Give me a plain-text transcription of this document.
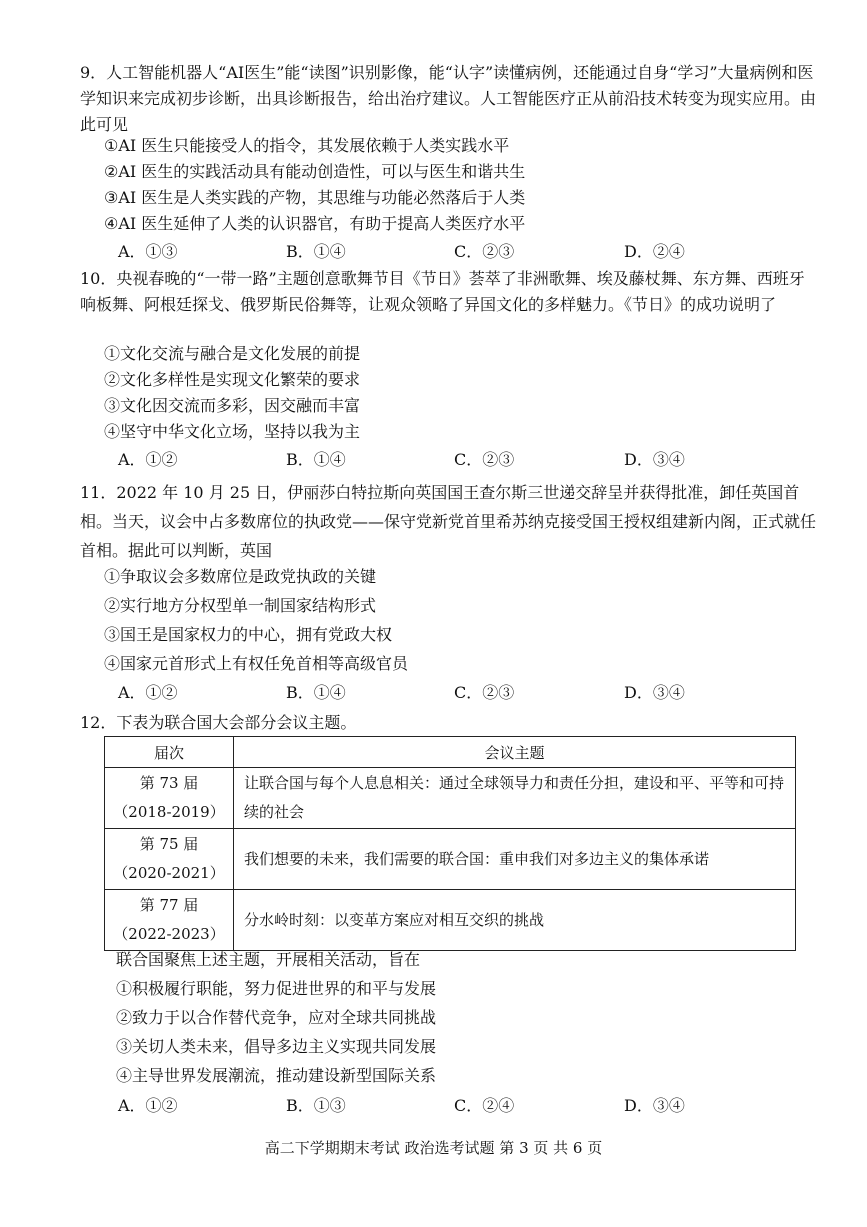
9．人工智能机器人“AI医生”能“读图”识别影像，能“认字”读懂病例，还能通过自身“学习”大量病例和医学知识来完成初步诊断，出具诊断报告，给出治疗建议。人工智能医疗正从前沿技术转变为现实应用。由此可见
①AI 医生只能接受人的指令，其发展依赖于人类实践水平
②AI 医生的实践活动具有能动创造性，可以与医生和谐共生
③AI 医生是人类实践的产物，其思维与功能必然落后于人类
④AI 医生延伸了人类的认识器官，有助于提高人类医疗水平
A．①③	B．①④	C．②③	D．②④
10．央视春晚的“一带一路”主题创意歌舞节目《节日》荟萃了非洲歌舞、埃及藤杖舞、东方舞、西班牙响板舞、阿根廷探戈、俄罗斯民俗舞等，让观众领略了异国文化的多样魅力。《节日》的成功说明了
①文化交流与融合是文化发展的前提
②文化多样性是实现文化繁荣的要求
③文化因交流而多彩，因交融而丰富
④坚守中华文化立场，坚持以我为主
A．①②	B．①④	C．②③	D．③④
11．2022 年 10 月 25 日，伊丽莎白特拉斯向英国国王查尔斯三世递交辞呈并获得批准，卸任英国首相。当天，议会中占多数席位的执政党——保守党新党首里希苏纳克接受国王授权组建新内阁，正式就任首相。据此可以判断，英国
①争取议会多数席位是政党执政的关键
②实行地方分权型单一制国家结构形式
③国王是国家权力的中心，拥有党政大权
④国家元首形式上有权任免首相等高级官员
A．①②	B．①④	C．②③	D．③④
12．下表为联合国大会部分会议主题。
届次	会议主题

第 73 届
（2018-2019）	让联合国与每个人息息相关：通过全球领导力和责任分担，建设和平、平等和可持续的社会

第 75 届
（2020-2021）	我们想要的未来，我们需要的联合国：重申我们对多边主义的集体承诺

第 77 届
（2022-2023）	分水岭时刻：以变革方案应对相互交织的挑战
联合国聚焦上述主题，开展相关活动，旨在
①积极履行职能，努力促进世界的和平与发展
②致力于以合作替代竞争，应对全球共同挑战
③关切人类未来，倡导多边主义实现共同发展
④主导世界发展潮流，推动建设新型国际关系
A．①②	B．①③	C．②④	D．③④
高二下学期期末考试 政治选考试题 第 3 页 共 6 页
